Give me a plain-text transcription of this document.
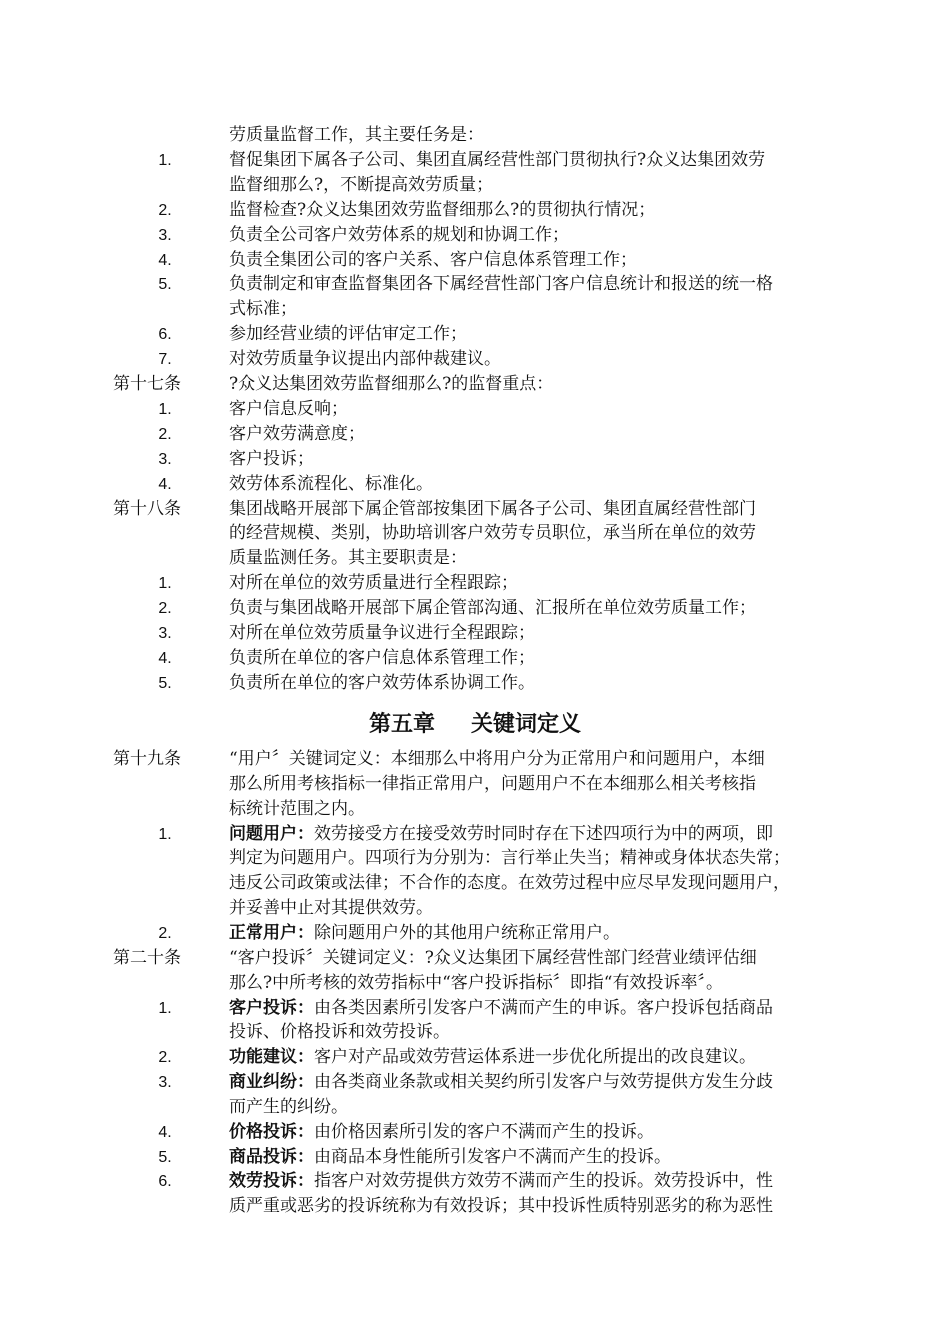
劳质量监督工作，其主要任务是：
1.	督促集团下属各子公司、集团直属经营性部门贯彻执行?众义达集团效劳
监督细那么?，不断提高效劳质量；
2.	监督检查?众义达集团效劳监督细那么?的贯彻执行情况；
3.	负责全公司客户效劳体系的规划和协调工作；
4.	负责全集团公司的客户关系、客户信息体系管理工作；
5.	负责制定和审查监督集团各下属经营性部门客户信息统计和报送的统一格
式标准；
6.	参加经营业绩的评估审定工作；
7.	对效劳质量争议提出内部仲裁建议。
第十七条	?众义达集团效劳监督细那么?的监督重点：
1.	客户信息反响；
2.	客户效劳满意度；
3.	客户投诉；
4.	效劳体系流程化、标准化。
第十八条	集团战略开展部下属企管部按集团下属各子公司、集团直属经营性部门
的经营规模、类别，协助培训客户效劳专员职位，承当所在单位的效劳
质量监测任务。其主要职责是：
1.	对所在单位的效劳质量进行全程跟踪；
2.	负责与集团战略开展部下属企管部沟通、汇报所在单位效劳质量工作；
3.	对所在单位效劳质量争议进行全程跟踪；
4.	负责所在单位的客户信息体系管理工作；
5.	负责所在单位的客户效劳体系协调工作。
第十九条	“用户〞关键词定义：本细那么中将用户分为正常用户和问题用户，本细
那么所用考核指标一律指正常用户，问题用户不在本细那么相关考核指
标统计范围之内。
1.	问题用户：效劳接受方在接受效劳时同时存在下述四项行为中的两项，即
判定为问题用户。四项行为分别为：言行举止失当；精神或身体状态失常；
违反公司政策或法律；不合作的态度。在效劳过程中应尽早发现问题用户，
并妥善中止对其提供效劳。
2.	正常用户：除问题用户外的其他用户统称正常用户。
第二十条	“客户投诉〞关键词定义：?众义达集团下属经营性部门经营业绩评估细
那么?中所考核的效劳指标中“客户投诉指标〞即指“有效投诉率〞。
1.	客户投诉：由各类因素所引发客户不满而产生的申诉。客户投诉包括商品
投诉、价格投诉和效劳投诉。
2.	功能建议：客户对产品或效劳营运体系进一步优化所提出的改良建议。
3.	商业纠纷：由各类商业条款或相关契约所引发客户与效劳提供方发生分歧
而产生的纠纷。
4.	价格投诉：由价格因素所引发的客户不满而产生的投诉。
5.	商品投诉：由商品本身性能所引发客户不满而产生的投诉。
6.	效劳投诉：指客户对效劳提供方效劳不满而产生的投诉。效劳投诉中，性
质严重或恶劣的投诉统称为有效投诉；其中投诉性质特别恶劣的称为恶性
第五章 关键词定义
